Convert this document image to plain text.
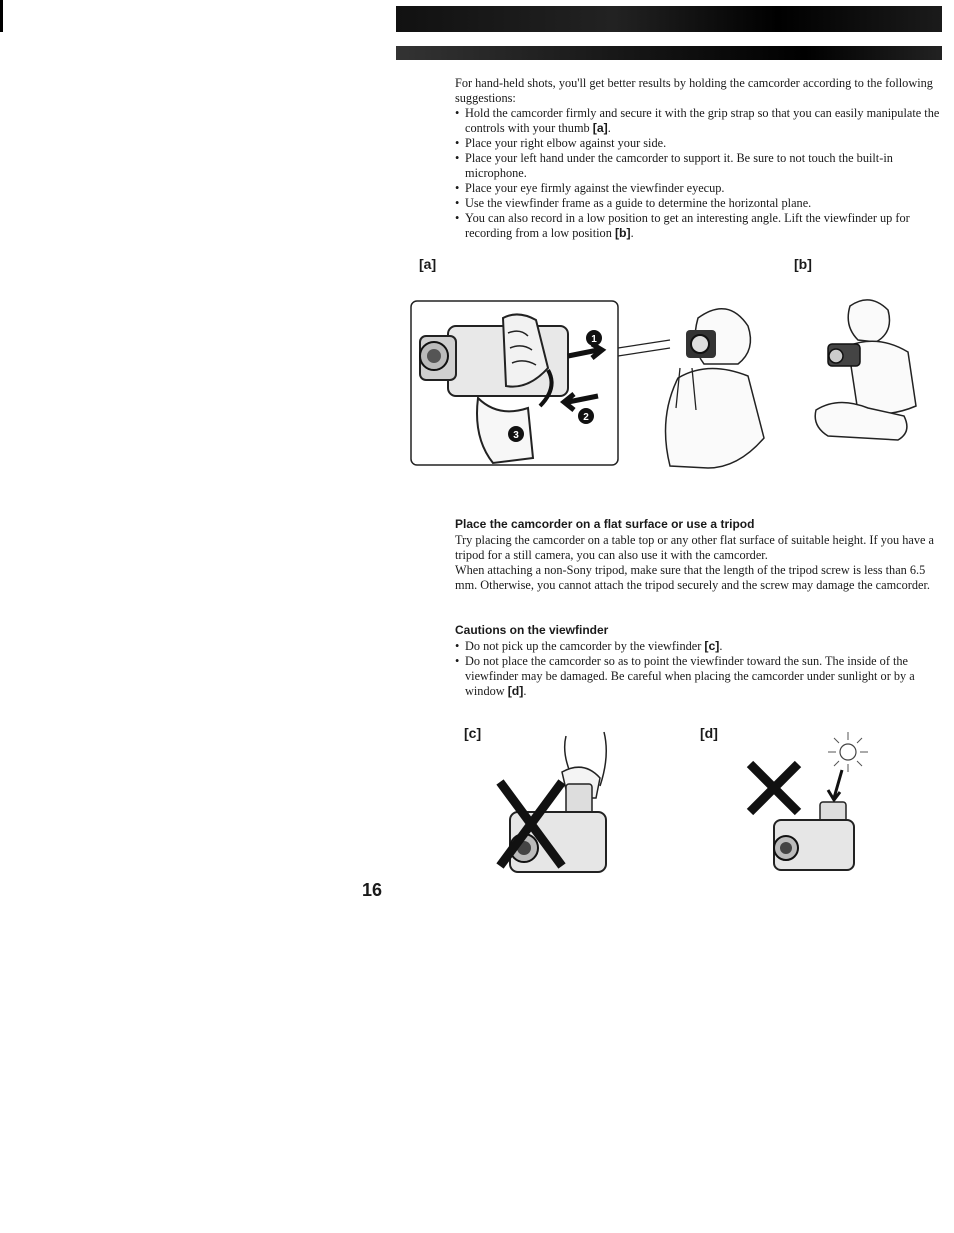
For hand-held shots, you'll get better results by holding the camcorder according to the following suggestions:

• Hold the camcorder firmly and secure it with the grip strap so that you can easily manipulate the controls with your thumb [a].
• Place your right elbow against your side.
• Place your left hand under the camcorder to support it. Be sure to not touch the built-in microphone.
• Place your eye firmly against the viewfinder eyecup.
• Use the viewfinder frame as a guide to determine the horizontal plane.
• You can also record in a low position to get an interesting angle. Lift the viewfinder up for recording from a low position [b].
[a]	[b]
1
2
3
Place the camcorder on a flat surface or use a tripod

Try placing the camcorder on a table top or any other flat surface of suitable height. If you have a tripod for a still camera, you can also use it with the camcorder.

When attaching a non-Sony tripod, make sure that the length of the tripod screw is less than 6.5 mm. Otherwise, you cannot attach the tripod securely and the screw may damage the camcorder.

Cautions on the viewfinder
• Do not pick up the camcorder by the viewfinder [c].
• Do not place the camcorder so as to point the viewfinder toward the sun. The inside of the viewfinder may be damaged. Be careful when placing the camcorder under sunlight or by a window [d].
[c]	[d]
16
